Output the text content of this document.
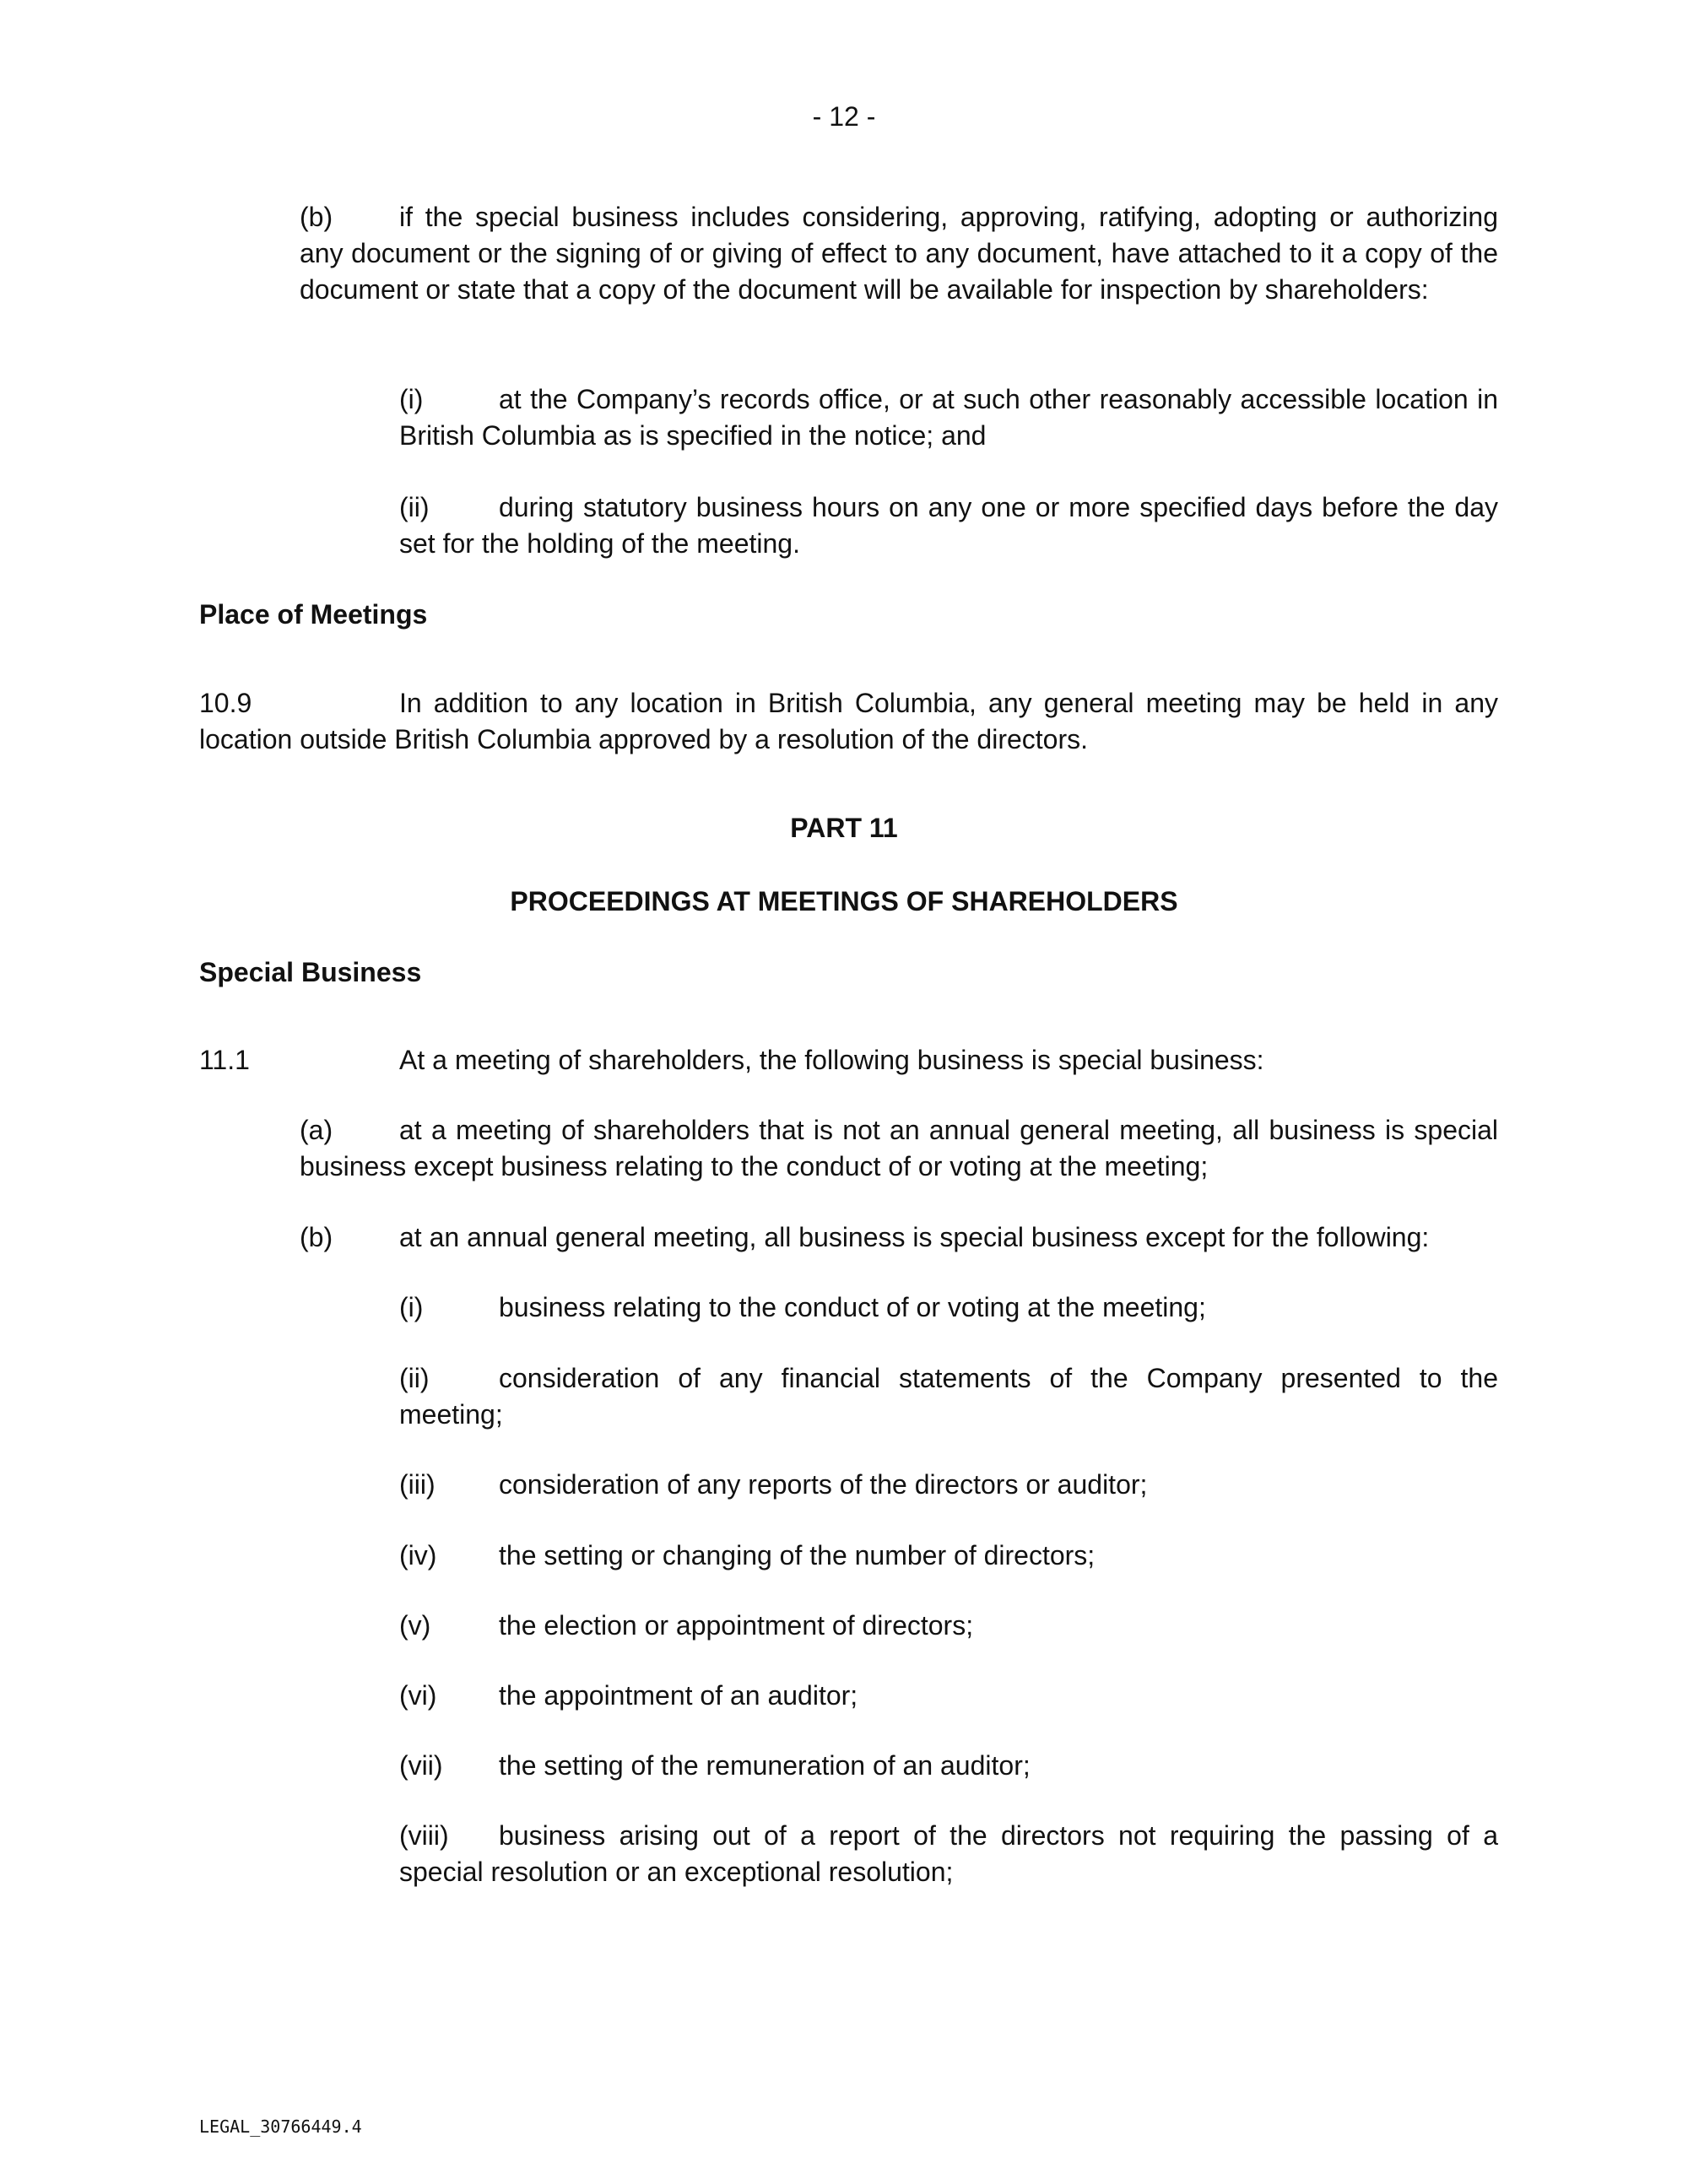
- 12 -
(b) if the special business includes considering, approving, ratifying, adopting or authorizing any document or the signing of or giving of effect to any document, have attached to it a copy of the document or state that a copy of the document will be available for inspection by shareholders:
(i)	at the Company’s records office, or at such other reasonably accessible location in British Columbia as is specified in the notice; and
(ii)	during statutory business hours on any one or more specified days before the day set for the holding of the meeting.
Place of Meetings
10.9	In addition to any location in British Columbia, any general meeting may be held in any location outside British Columbia approved by a resolution of the directors.
PART 11
PROCEEDINGS AT MEETINGS OF SHAREHOLDERS
Special Business
11.1	At a meeting of shareholders, the following business is special business:
(a) at a meeting of shareholders that is not an annual general meeting, all business is special business except business relating to the conduct of or voting at the meeting;
(b) at an annual general meeting, all business is special business except for the following:
(i)	business relating to the conduct of or voting at the meeting;
(ii)	consideration of any financial statements of the Company presented to the meeting;
(iii) consideration of any reports of the directors or auditor;
(iv) the setting or changing of the number of directors;
(v)	the election or appointment of directors;
(vi) the appointment of an auditor;
(vii) the setting of the remuneration of an auditor;
(viii) business arising out of a report of the directors not requiring the passing of a special resolution or an exceptional resolution;
LEGAL_30766449.4
